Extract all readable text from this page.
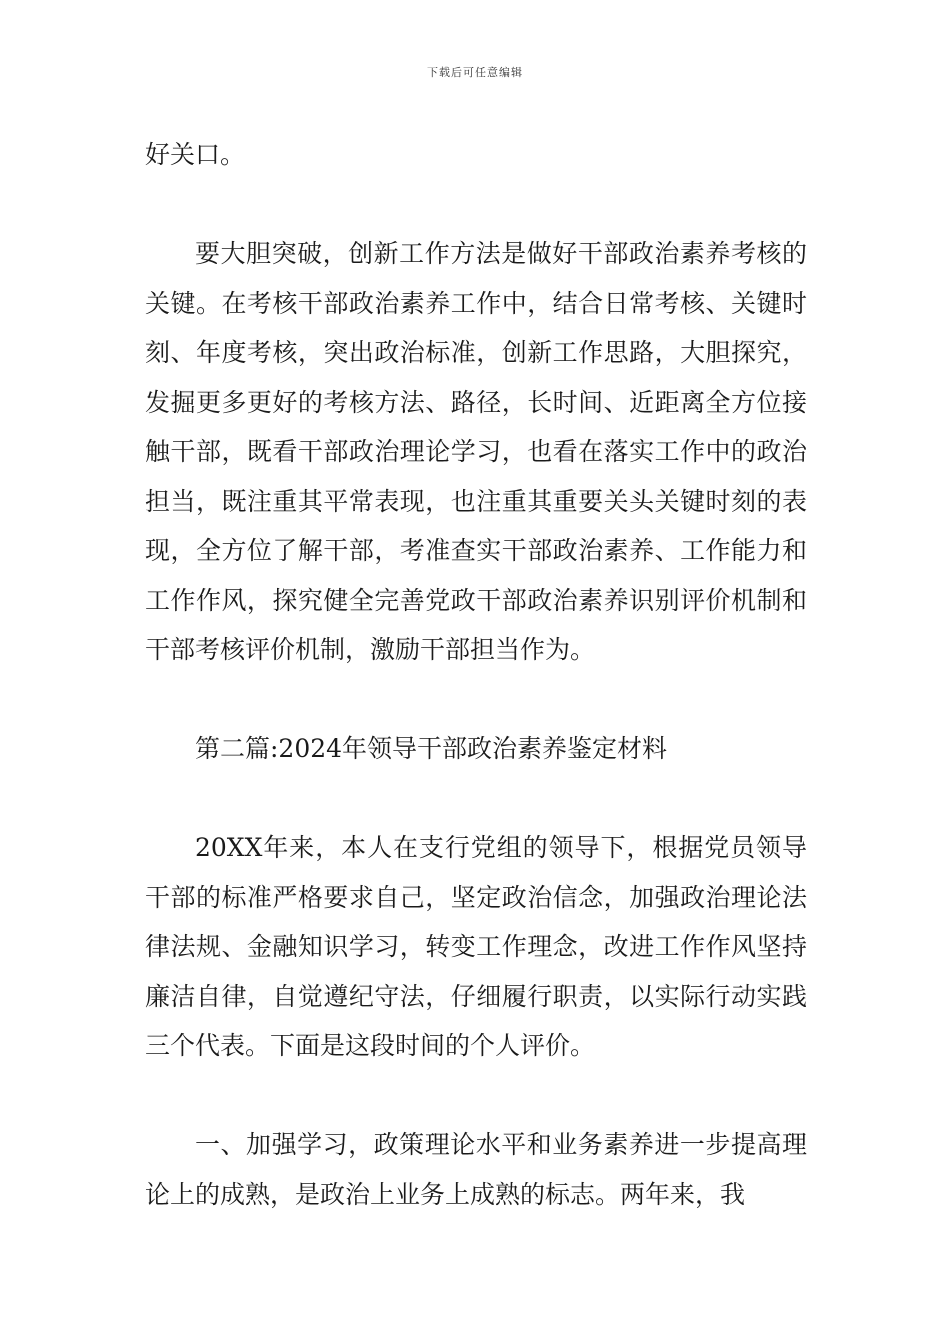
下载后可任意编辑

好关口。

要大胆突破，创新工作方法是做好干部政治素养考核的关键。在考核干部政治素养工作中，结合日常考核、关键时刻、年度考核，突出政治标准，创新工作思路，大胆探究，发掘更多更好的考核方法、路径，长时间、近距离全方位接触干部，既看干部政治理论学习，也看在落实工作中的政治担当，既注重其平常表现，也注重其重要关头关键时刻的表现，全方位了解干部，考准查实干部政治素养、工作能力和工作作风，探究健全完善党政干部政治素养识别评价机制和干部考核评价机制，激励干部担当作为。

第二篇:2024年领导干部政治素养鉴定材料

20XX年来，本人在支行党组的领导下，根据党员领导干部的标准严格要求自己，坚定政治信念，加强政治理论法律法规、金融知识学习，转变工作理念，改进工作作风坚持廉洁自律，自觉遵纪守法，仔细履行职责，以实际行动实践三个代表。下面是这段时间的个人评价。

一、加强学习，政策理论水平和业务素养进一步提高理论上的成熟，是政治上业务上成熟的标志。两年来，我
